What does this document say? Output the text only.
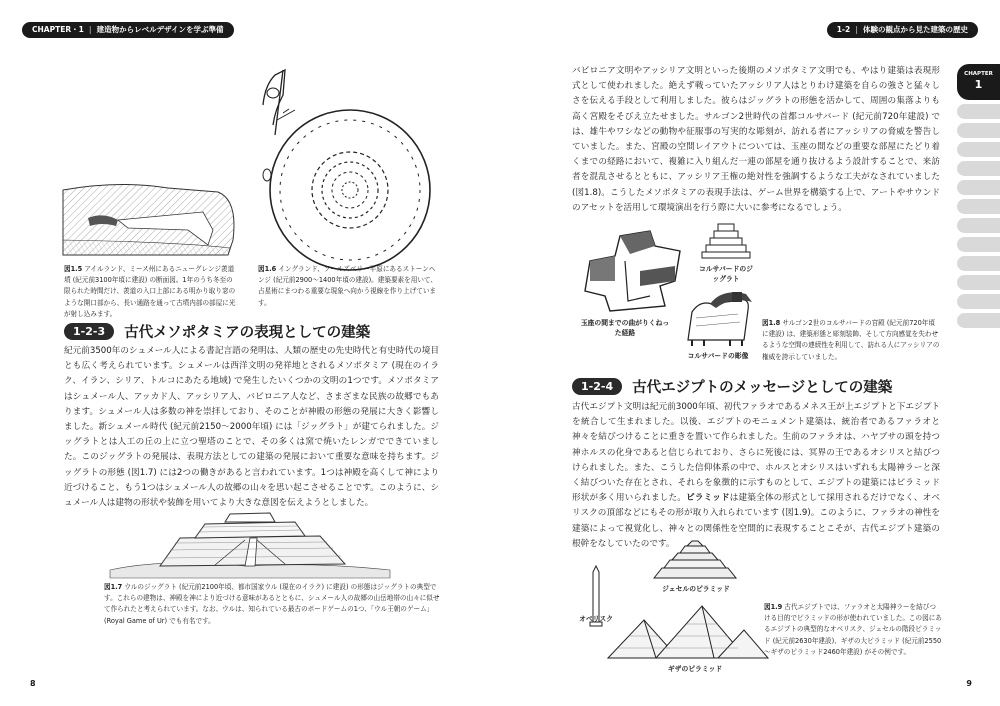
CHAPTER・1 | 建造物からレベルデザインを学ぶ準備
図1.5 アイルランド、ミース州にあるニューグレンジ羨道墳 (紀元前3100年頃に建設) の断面図。1年のうち冬至の限られた時間だけ、羨道の入口上部にある明かり取り窓のような開口部から、長い通路を通って古墳内部の部屋に光が射し込みます。
図1.6 イングランド、ソールズベリー平原にあるストーンヘンジ (紀元前2900～1400年頃の建設)。建築要素を用いて、占星術にまつわる重要な現象へ向かう視線を作り上げています。
1-2-3	古代メソポタミアの表現としての建築
紀元前3500年のシュメール人による書記言語の発明は、人類の歴史の先史時代と有史時代の境目とも広く考えられています。シュメールは西洋文明の発祥地とされるメソポタミア (現在のイラク、イラン、シリア、トルコにあたる地域) で発生したいくつかの文明の1つです。メソポタミアはシュメール人、アッカド人、アッシリア人、バビロニア人など、さまざまな民族の故郷でもあります。シュメール人は多数の神を崇拝しており、そのことが神殿の形態の発展に大きく影響しました。新シュメール時代 (紀元前2150～2000年頃) には「ジッグラト」が建てられました。ジッグラトとは人工の丘の上に立つ聖塔のことで、その多くは窯で焼いたレンガでできていました。このジッグラトの発展は、表現方法としての建築の発展において重要な意味を持ちます。ジッグラトの形態 (図1.7) には2つの働きがあると言われています。1つは神殿を高くして神により近づけること、もう1つはシュメール人の故郷の山々を思い起こさせることです。このように、シュメール人は建物の形状や装飾を用いてより大きな意図を伝えようとしました。
図1.7 ウルのジッグラト (紀元前2100年頃、都市国家ウル (現在のイラク) に建設) の形態はジッグラトの典型です。これらの建物は、神殿を神により近づける意味があるとともに、シュメール人の故郷の山岳地帯の山々に似せて作られたと考えられています。なお、ウルは、知られている最古のボードゲームの1つ、「ウル王朝のゲーム」(Royal Game of Ur) でも有名です。
8
1-2 | 体験の観点から見た建築の歴史
バビロニア文明やアッシリア文明といった後期のメソポタミア文明でも、やはり建築は表現形式として使われました。絶えず戦っていたアッシリア人はとりわけ建築を自らの強さと猛々しさを伝える手段として利用しました。彼らはジッグラトの形態を活かして、周囲の集落よりも高く宮殿をそびえ立たせました。サルゴン2世時代の首都コルサバード (紀元前720年建設) では、雄牛やワシなどの動物や征服事の写実的な彫刻が、訪れる者にアッシリアの脅威を警告していました。また、宮殿の空間レイアウトについては、玉座の間などの重要な部屋にたどり着くまでの経路において、複雑に入り組んだ一連の部屋を通り抜けるよう設計することで、来訪者を混乱させるとともに、アッシリア王権の絶対性を強調するような工夫がなされていました (図1.8)。こうしたメソポタミアの表現手法は、ゲーム世界を構築する上で、アートやサウンドのアセットを活用して環境演出を行う際に大いに参考になるでしょう。
コルサバードのジッグラト
玉座の間までの曲がりくねった経路
コルサバードの彫像
図1.8 サルゴン2世のコルサバードの宮殿 (紀元前720年頃に建設) は、建築形態と彫刻装飾、そして方向感覚を失わせるような空間の連続性を利用して、訪れる人にアッシリアの権威を誇示していました。
1-2-4	古代エジプトのメッセージとしての建築
古代エジプト文明は紀元前3000年頃、初代ファラオであるメネス王が上エジプトと下エジプトを統合して生まれました。以後、エジプトのモニュメント建築は、統治者であるファラオと神々を結びつけることに重きを置いて作られました。生前のファラオは、ハヤブサの頭を持つ神ホルスの化身であると信じられており、さらに死後には、冥界の王であるオシリスと結びつけられました。また、こうした信仰体系の中で、ホルスとオシリスはいずれも太陽神ラーと深く結びついた存在とされ、それらを象徴的に示すものとして、エジプトの建築にはピラミッド形状が多く用いられました。ピラミッドは建築全体の形式として採用されるだけでなく、オベリスクの頂部などにもその形が取り入れられています (図1.9)。このように、ファラオの神性を建築によって視覚化し、神々との関係性を空間的に表現することこそが、古代エジプト建築の根幹をなしていたのです。
ジェセルのピラミッド
オベリスク
ギザのピラミッド
図1.9 古代エジプトでは、ファラオと太陽神ラーを結びつける目的でピラミッドの形が使われていました。この図にあるエジプトの典型的なオベリスク、ジェセルの階段ピラミッド (紀元前2630年建設)、ギザの大ピラミッド (紀元前2550～ギザのピラミッド2460年建設) がその例です。
9
CHAPTER
1
